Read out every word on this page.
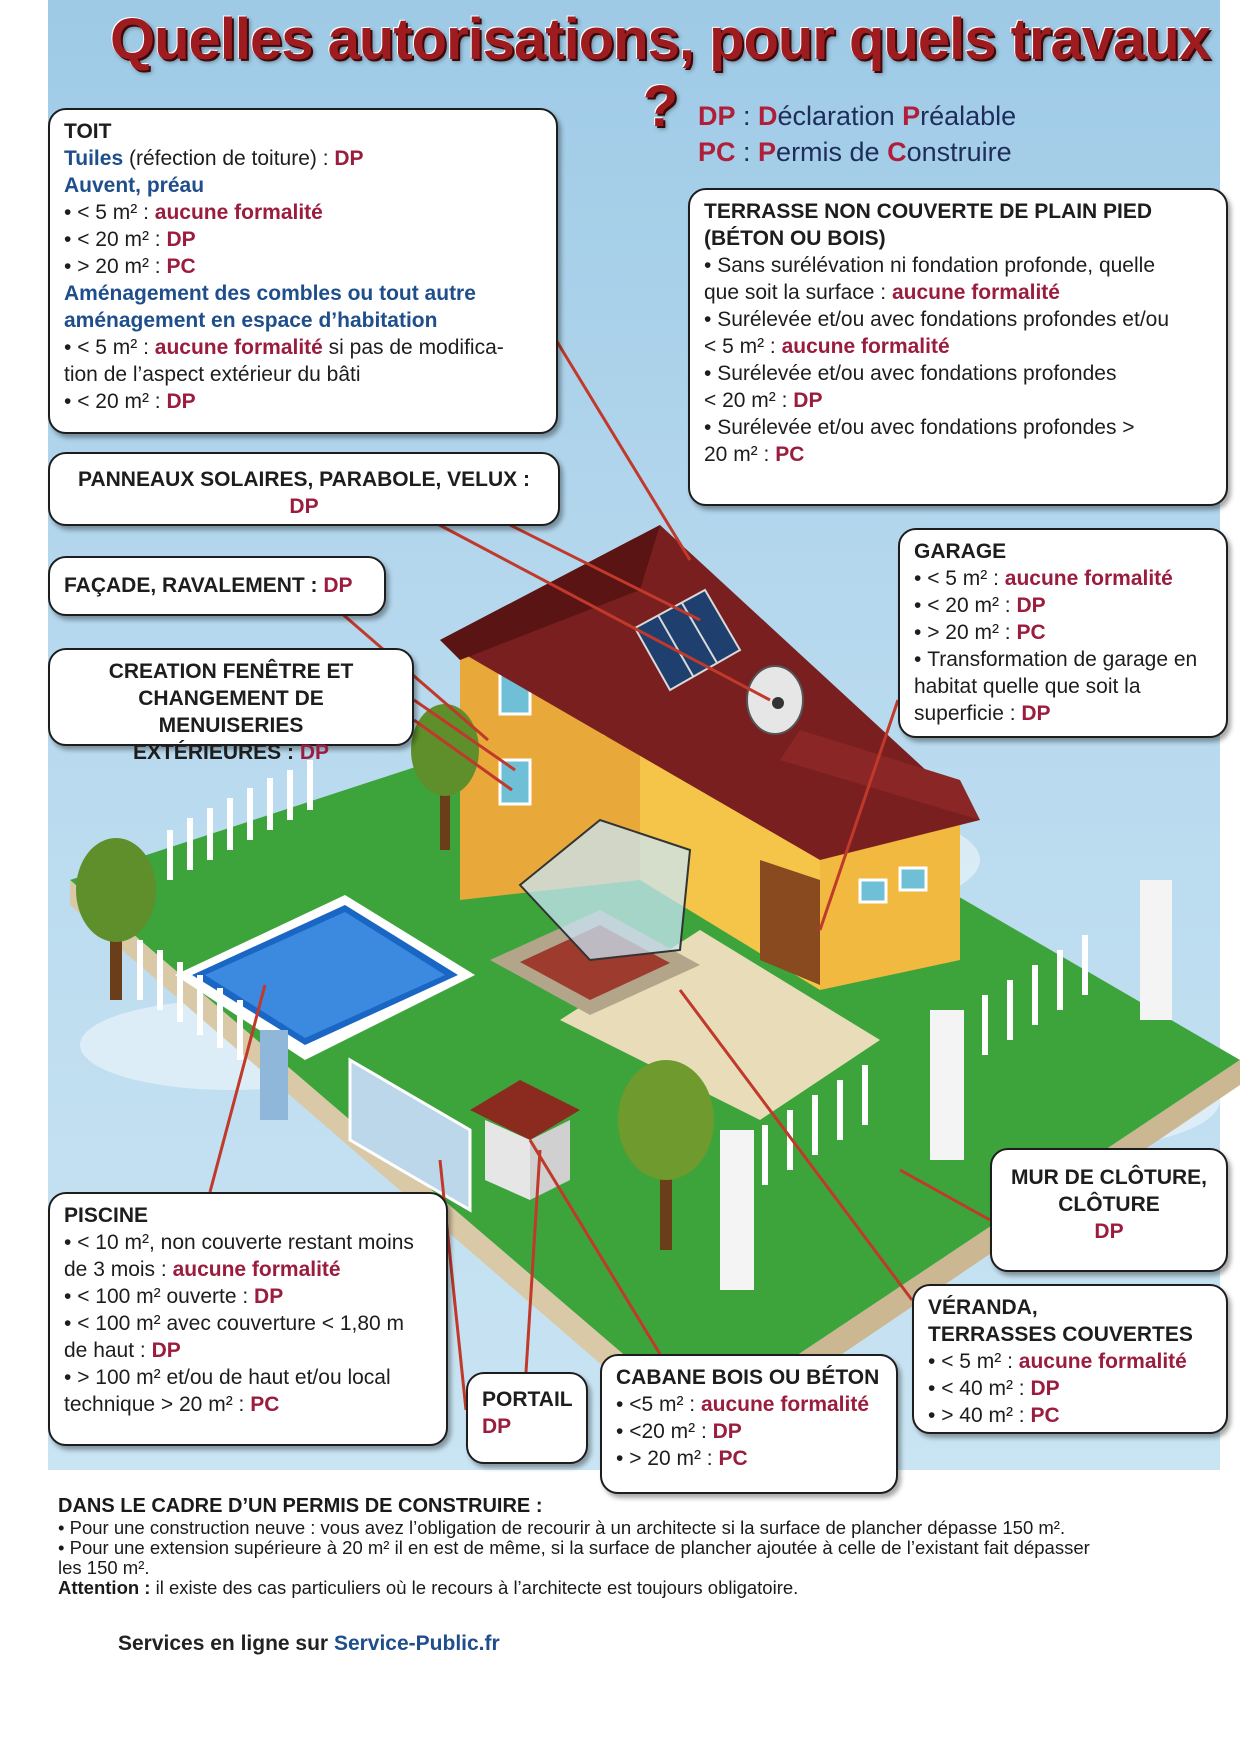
Quelles autorisations, pour quels travaux ? DP : Déclaration Préalable
PC : Permis de Construire
TOIT
Tuiles (réfection de toiture) : DP
Auvent, préau
• < 5 m² : aucune formalité
• < 20 m² : DP
• > 20 m² : PC
Aménagement des combles ou tout autre
aménagement en espace d’habitation
• < 5 m² : aucune formalité si pas de modifica-
tion de l’aspect extérieur du bâti
• < 20 m² : DP
PANNEAUX SOLAIRES, PARABOLE, VELUX :
DP
FAÇADE, RAVALEMENT : DP
CREATION FENÊTRE ET
CHANGEMENT DE MENUISERIES
EXTÉRIEURES : DP
TERRASSE NON COUVERTE DE PLAIN PIED
(BÉTON OU BOIS)
• Sans surélévation ni fondation profonde, quelle
que soit la surface : aucune formalité
• Surélevée et/ou avec fondations profondes et/ou
< 5 m² : aucune formalité
• Surélevée et/ou avec fondations profondes
< 20 m² : DP
• Surélevée et/ou avec fondations profondes >
20 m² : PC
GARAGE
• < 5 m² : aucune formalité
• < 20 m² : DP
• > 20 m² : PC
• Transformation de garage en
habitat quelle que soit la
superficie : DP
MUR DE CLÔTURE,
CLÔTURE
DP
VÉRANDA,
TERRASSES COUVERTES
• < 5 m² : aucune formalité
• < 40 m² : DP
• > 40 m² : PC
PISCINE
• < 10 m², non couverte restant moins
de 3 mois : aucune formalité
• < 100 m² ouverte : DP
• < 100 m² avec couverture < 1,80 m
de haut : DP
• > 100 m² et/ou de haut et/ou local
technique > 20 m² : PC	PORTAIL
DP
CABANE BOIS OU BÉTON
• <5 m² : aucune formalité
• <20 m² : DP
• > 20 m² : PC
DANS LE CADRE D’UN PERMIS DE CONSTRUIRE :
• Pour une construction neuve : vous avez l’obligation de recourir à un architecte si la surface de plancher dépasse 150 m².
• Pour une extension supérieure à 20 m² il en est de même, si la surface de plancher ajoutée à celle de l’existant fait dépasser
les 150 m².
Attention : il existe des cas particuliers où le recours à l’architecte est toujours obligatoire.
Services en ligne sur Service-Public.fr
